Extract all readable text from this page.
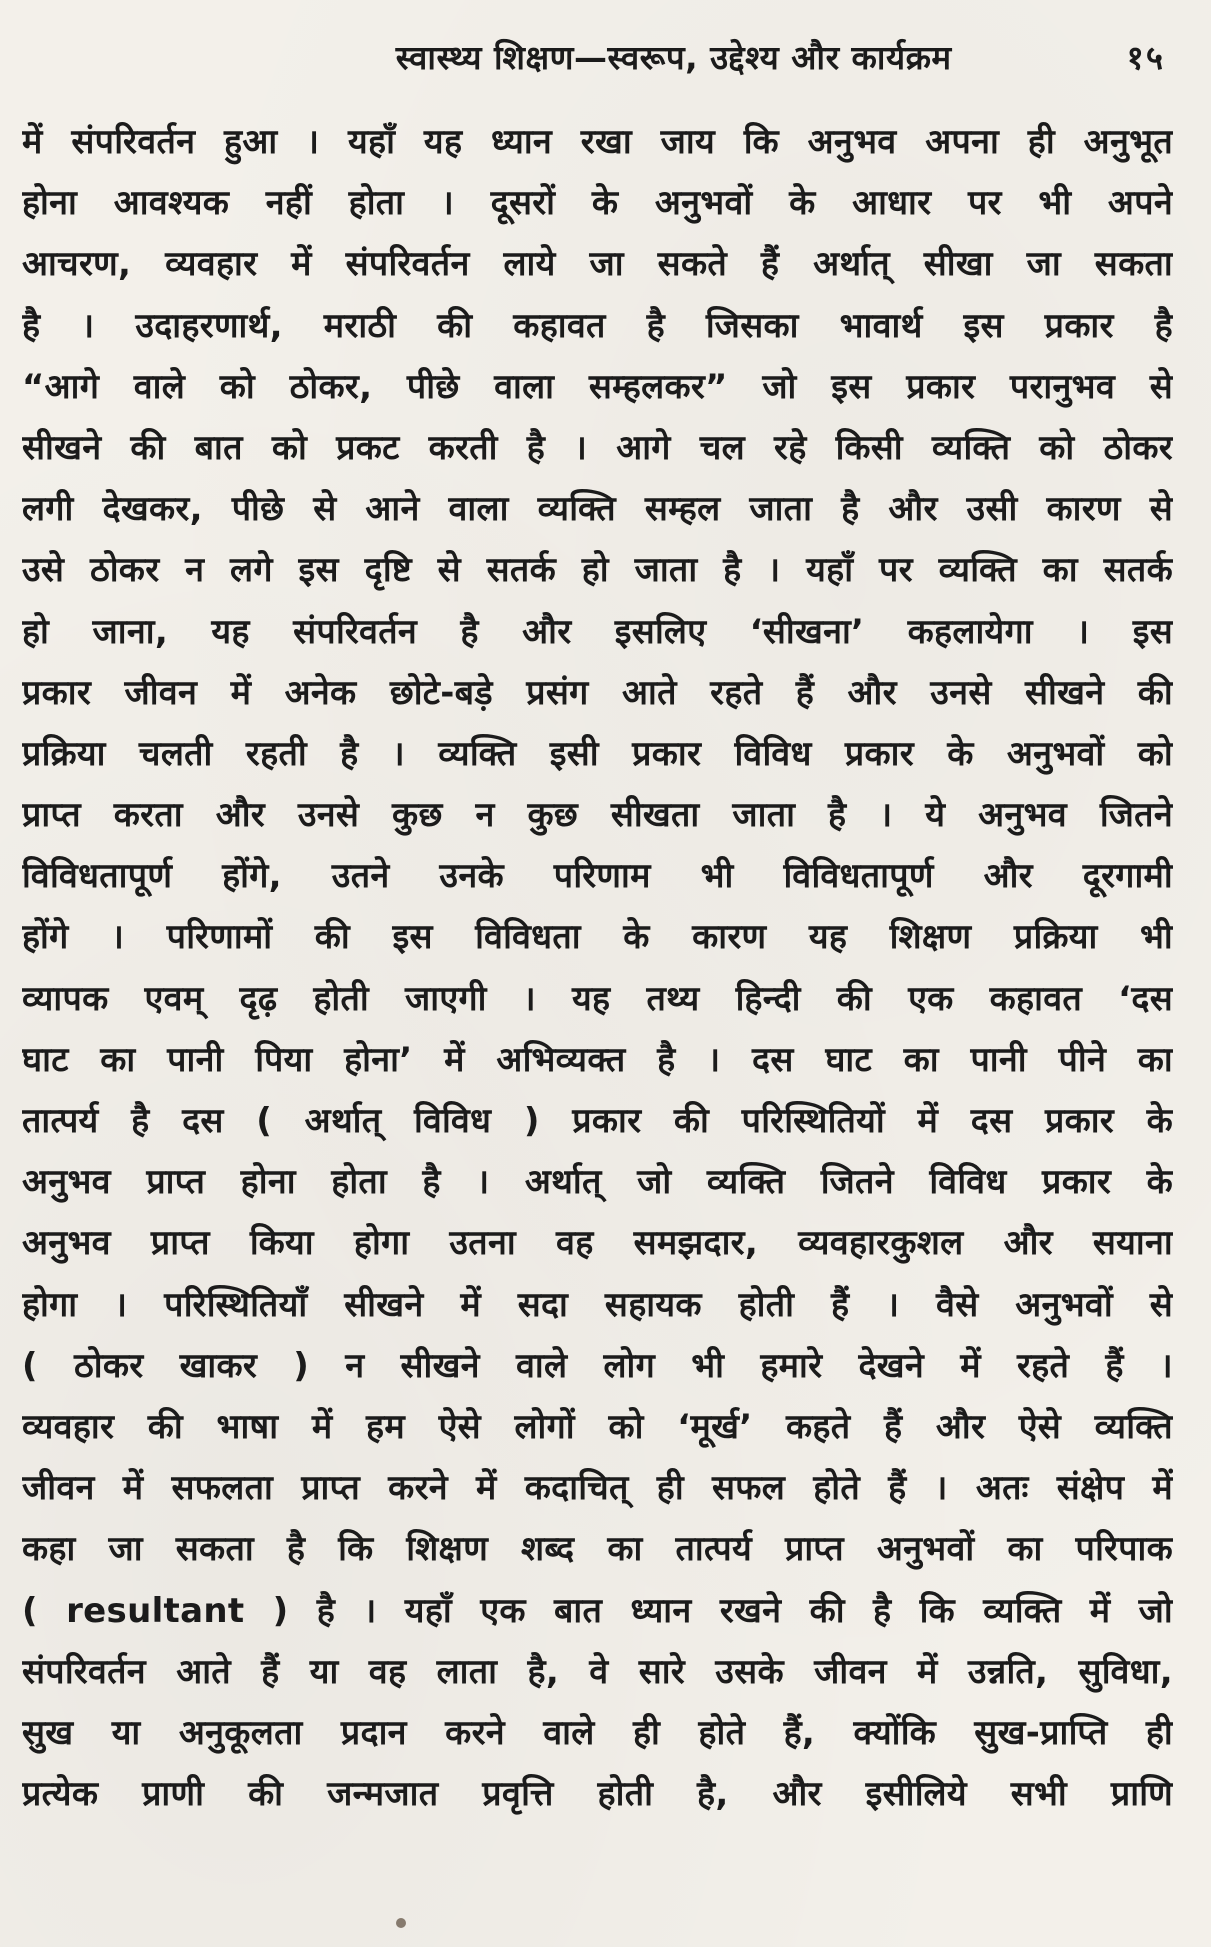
स्वास्थ्य शिक्षण—स्वरूप, उद्देश्य और कार्यक्रम	१५
में संपरिवर्तन हुआ । यहाँ यह ध्यान रखा जाय कि अनुभव अपना ही अनुभूत
होना आवश्यक नहीं होता । दूसरों के अनुभवों के आधार पर भी अपने
आचरण, व्यवहार में संपरिवर्तन लाये जा सकते हैं अर्थात् सीखा जा सकता
है । उदाहरणार्थ, मराठी की कहावत है जिसका भावार्थ इस प्रकार है
“आगे वाले को ठोकर, पीछे वाला सम्हलकर” जो इस प्रकार परानुभव से
सीखने की बात को प्रकट करती है । आगे चल रहे किसी व्यक्ति को ठोकर
लगी देखकर, पीछे से आने वाला व्यक्ति सम्हल जाता है और उसी कारण से
उसे ठोकर न लगे इस दृष्टि से सतर्क हो जाता है । यहाँ पर व्यक्ति का सतर्क
हो जाना, यह संपरिवर्तन है और इसलिए ‘सीखना’ कहलायेगा । इस
प्रकार जीवन में अनेक छोटे-बड़े प्रसंग आते रहते हैं और उनसे सीखने की
प्रक्रिया चलती रहती है । व्यक्ति इसी प्रकार विविध प्रकार के अनुभवों को
प्राप्त करता और उनसे कुछ न कुछ सीखता जाता है । ये अनुभव जितने
विविधतापूर्ण होंगे, उतने उनके परिणाम भी विविधतापूर्ण और दूरगामी
होंगे । परिणामों की इस विविधता के कारण यह शिक्षण प्रक्रिया भी
व्यापक एवम् दृढ़ होती जाएगी । यह तथ्य हिन्दी की एक कहावत ‘दस
घाट का पानी पिया होना’ में अभिव्यक्त है । दस घाट का पानी पीने का
तात्पर्य है दस ( अर्थात् विविध ) प्रकार की परिस्थितियों में दस प्रकार के
अनुभव प्राप्त होना होता है । अर्थात् जो व्यक्ति जितने विविध प्रकार के
अनुभव प्राप्त किया होगा उतना वह समझदार, व्यवहारकुशल और सयाना
होगा । परिस्थितियाँ सीखने में सदा सहायक होती हैं । वैसे अनुभवों से
( ठोकर खाकर ) न सीखने वाले लोग भी हमारे देखने में रहते हैं ।
व्यवहार की भाषा में हम ऐसे लोगों को ‘मूर्ख’ कहते हैं और ऐसे व्यक्ति
जीवन में सफलता प्राप्त करने में कदाचित् ही सफल होते हैं । अतः संक्षेप में
कहा जा सकता है कि शिक्षण शब्द का तात्पर्य प्राप्त अनुभवों का परिपाक
( resultant ) है । यहाँ एक बात ध्यान रखने की है कि व्यक्ति में जो
संपरिवर्तन आते हैं या वह लाता है, वे सारे उसके जीवन में उन्नति, सुविधा,
सुख या अनुकूलता प्रदान करने वाले ही होते हैं, क्योंकि सुख-प्राप्ति ही
प्रत्येक प्राणी की जन्मजात प्रवृत्ति होती है, और इसीलिये सभी प्राणि
